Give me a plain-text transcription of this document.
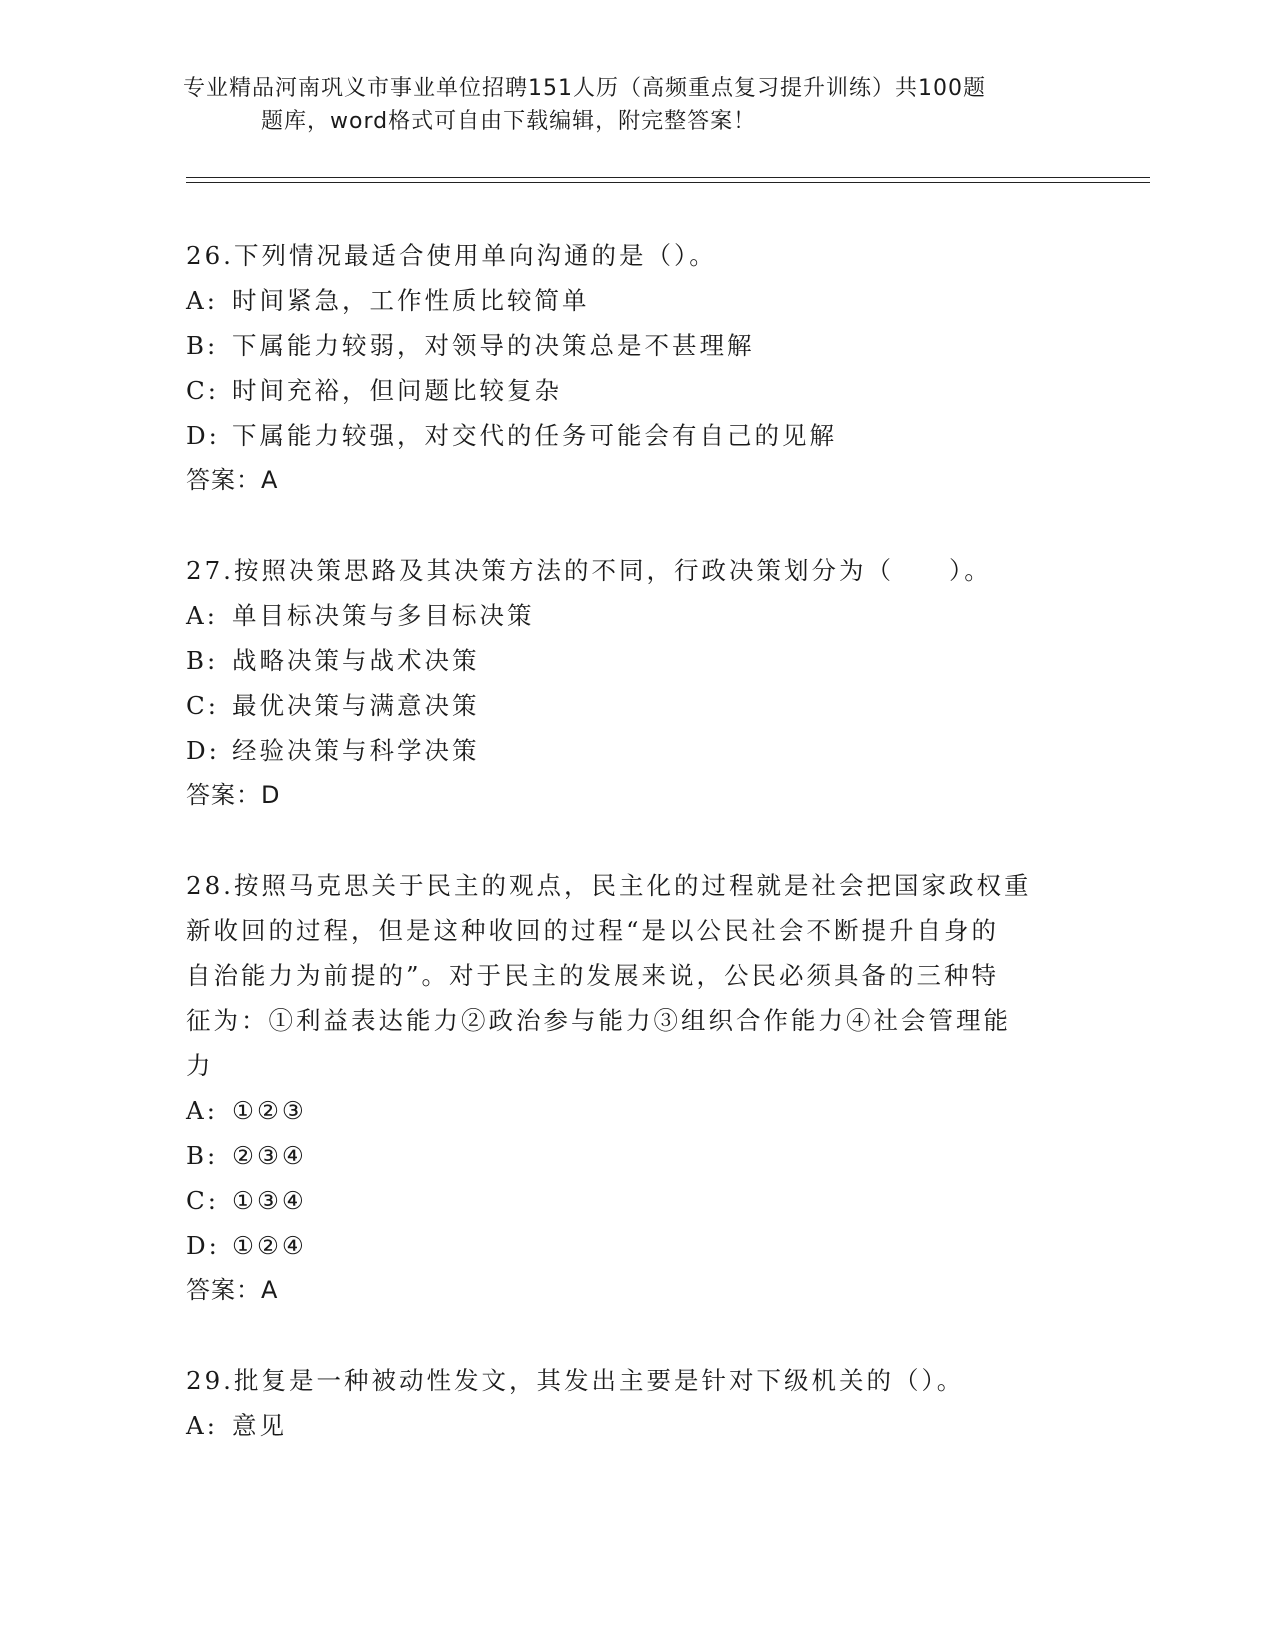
专业精品河南巩义市事业单位招聘151人历（高频重点复习提升训练）共100题
题库，word格式可自由下载编辑，附完整答案！
26.下列情况最适合使用单向沟通的是（）。
A: 时间紧急，工作性质比较简单
B: 下属能力较弱，对领导的决策总是不甚理解
C: 时间充裕，但问题比较复杂
D: 下属能力较强，对交代的任务可能会有自己的见解
答案：A
27.按照决策思路及其决策方法的不同，行政决策划分为（　　）。
A: 单目标决策与多目标决策
B: 战略决策与战术决策
C: 最优决策与满意决策
D: 经验决策与科学决策
答案：D
28.按照马克思关于民主的观点，民主化的过程就是社会把国家政权重
新收回的过程，但是这种收回的过程“是以公民社会不断提升自身的
自治能力为前提的”。对于民主的发展来说，公民必须具备的三种特
征为：①利益表达能力②政治参与能力③组织合作能力④社会管理能
力
A: ①②③
B: ②③④
C: ①③④
D: ①②④
答案：A
29.批复是一种被动性发文，其发出主要是针对下级机关的（）。
A: 意见
